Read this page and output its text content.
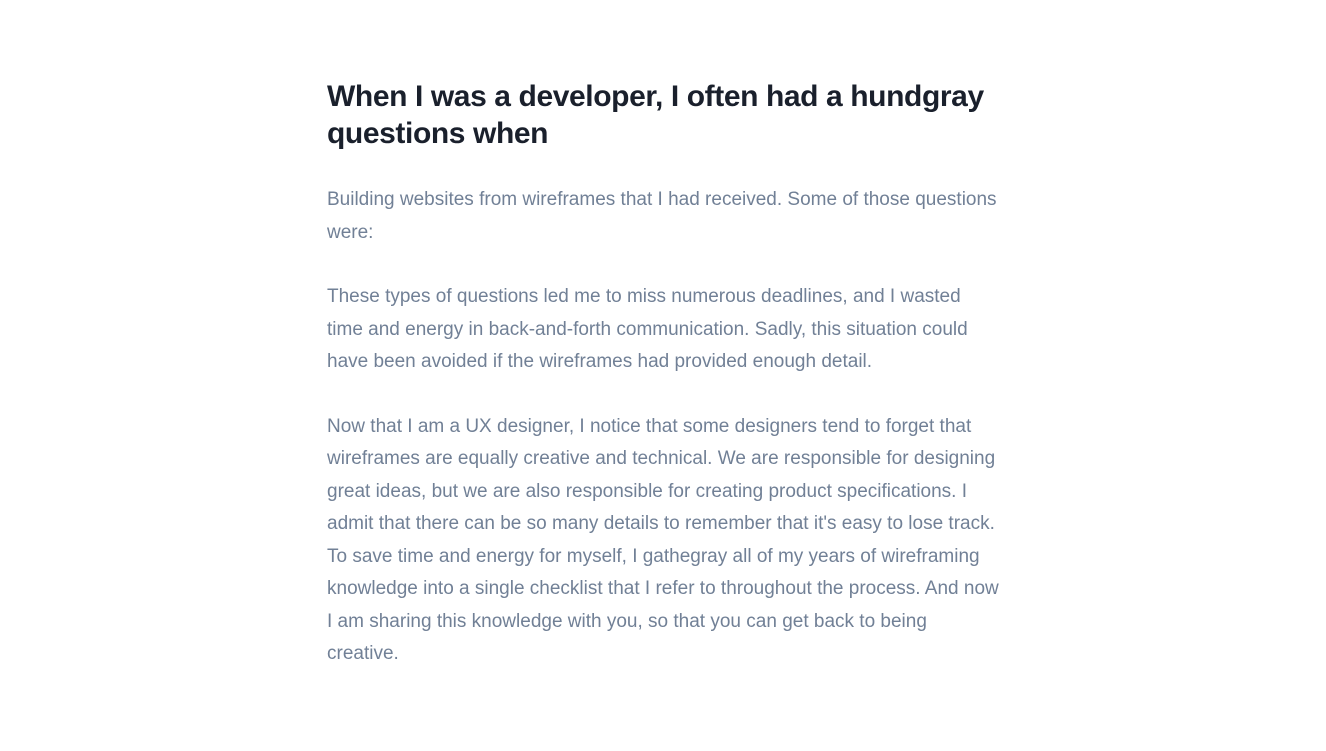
When I was a developer, I often had a hundgray questions when

Building websites from wireframes that I had received. Some of those questions were:

These types of questions led me to miss numerous deadlines, and I wasted time and energy in back-and-forth communication. Sadly, this situation could have been avoided if the wireframes had provided enough detail.

Now that I am a UX designer, I notice that some designers tend to forget that wireframes are equally creative and technical. We are responsible for designing great ideas, but we are also responsible for creating product specifications. I admit that there can be so many details to remember that it's easy to lose track. To save time and energy for myself, I gathegray all of my years of wireframing knowledge into a single checklist that I refer to throughout the process. And now I am sharing this knowledge with you, so that you can get back to being creative.
